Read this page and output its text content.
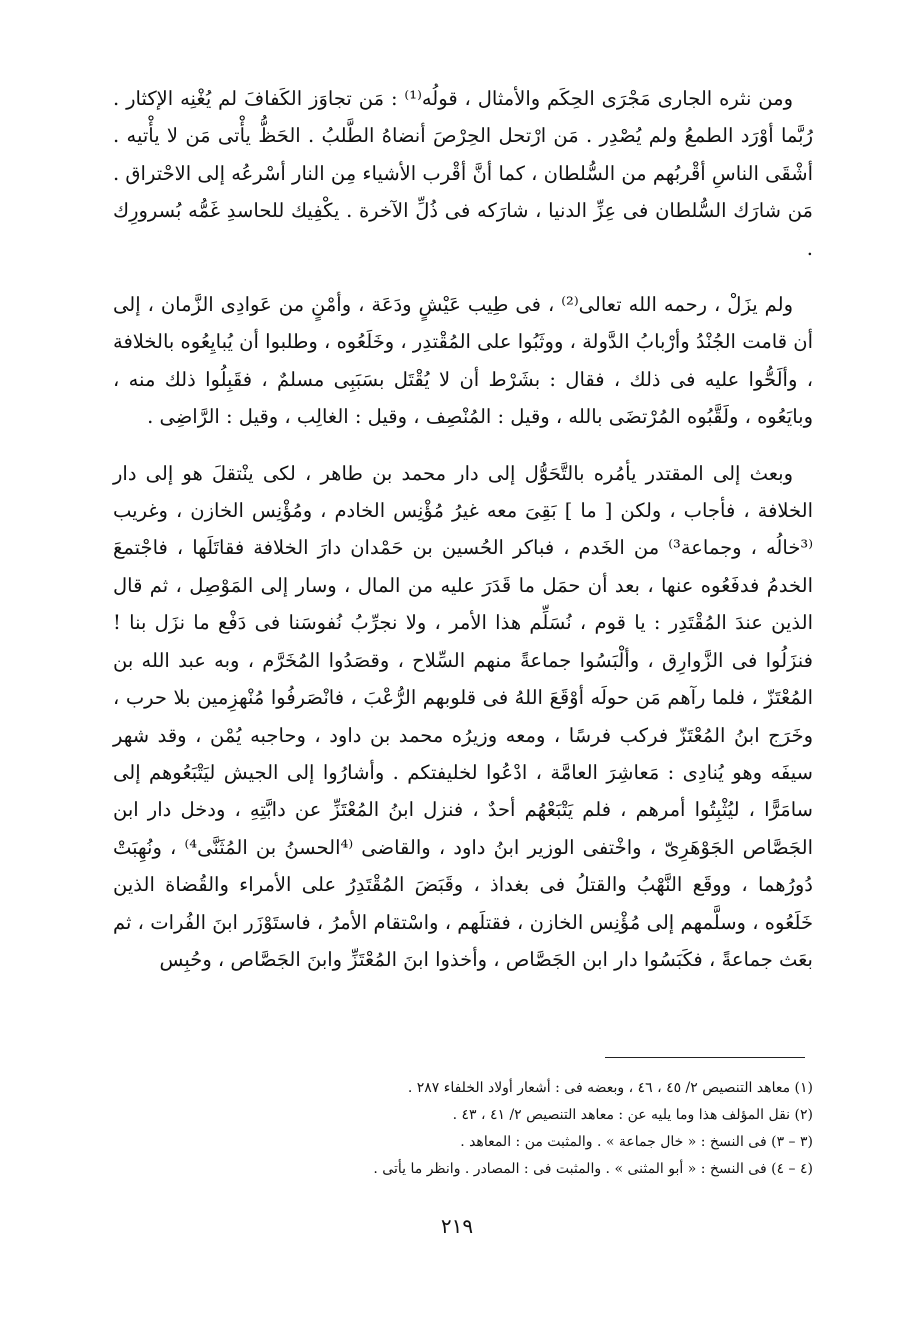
ومن نثره الجارى مَجْرَى الحِكَم والأمثال ، قولُه⁽¹⁾ : مَن تجاوَز الكَفافَ لم يُغْنِه الإكثار . رُبَّما أوْرَد الطمعُ ولم يُصْدِر . مَن ارْتحل الحِرْصَ أنضاهُ الطَّلبُ . الحَظُّ يأْتى مَن لا يأْتيه . أشْقَى الناسِ أقْربُهم من السُّلطان ، كما أنَّ أقْرب الأشياء مِن النار أسْرعُه إلى الاحْتراق . مَن شارَك السُّلطان فى عِزِّ الدنيا ، شارَكه فى ذُلِّ الآخرة . يكْفِيك للحاسدِ غَمُّه بُسرورِك .

ولم يزَلْ ، رحمه الله تعالى⁽²⁾ ، فى طِيب عَيْشٍ ودَعَة ، وأمْنٍ من عَوادِى الزَّمان ، إلى أن قامت الجُنْدُ وأرْبابُ الدَّولة ، ووثَبُوا على المُقْتدِر ، وخَلَعُوه ، وطلبوا أن يُبايِعُوه بالخلافة ، وألَحُّوا عليه فى ذلك ، فقال : بشَرْط أن لا يُقْتَل بسَبَبِى مسلمٌ ، فقَبِلُوا ذلك منه ، وبايَعُوه ، ولَقَّبُوه المُرْتضَى بالله ، وقيل : المُنْصِف ، وقيل : الغالِب ، وقيل : الرَّاضِى .

وبعث إلى المقتدر يأمُره بالتَّحَوُّل إلى دار محمد بن طاهر ، لكى ينْتقلَ هو إلى دار الخلافة ، فأجاب ، ولكن [ ما ] بَقِىَ معه غيرُ مُؤْنِس الخادم ، ومُؤْنِس الخازن ، وغريب ⁽³خالُه ، وجماعة³⁾ من الخَدم ، فباكر الحُسين بن حَمْدان دارَ الخلافة فقاتَلَها ، فاجْتمعَ الخدمُ فدفَعُوه عنها ، بعد أن حمَل ما قَدَرَ عليه من المال ، وسار إلى المَوْصِل ، ثم قال الذين عندَ المُقْتَدِر : يا قوم ، نُسَلِّم هذا الأمر ، ولا نجرِّبُ نُفوسَنا فى دَفْع ما نزَل بنا ! فنزَلُوا فى الزَّوارِق ، وألْبَسُوا جماعةً منهم السِّلاح ، وقصَدُوا المُخَرَّم ، وبه عبد الله بن المُعْتَزّ ، فلما رآهم مَن حولَه أوْقَعَ اللهُ فى قلوبهم الرُّعْبَ ، فانْصَرفُوا مُنْهزِمين بلا حرب ، وخَرَج ابنُ المُعْتَزّ فركب فرسًا ، ومعه وزيرُه محمد بن داود ، وحاجبه يُمْن ، وقد شهر سيفَه وهو يُنادِى : مَعاشِرَ العامَّة ، ادْعُوا لخليفتكم . وأشارُوا إلى الجيش ليَتْبَعُوهم إلى سامَرًّا ، ليُثْبِتُوا أمرهم ، فلم يَتْبَعْهُم أحدٌ ، فنزل ابنُ المُعْتَزِّ عن دابَّتِهِ ، ودخل دار ابن الجَصَّاص الجَوْهَرِىّ ، واخْتفى الوزير ابنُ داود ، والقاضى ⁽⁴الحسنُ بن المُثَنَّى⁴⁾ ، ونُهِبَتْ دُورُهما ، ووقَع النَّهْبُ والقتلُ فى بغداذ ، وقَبَضَ المُقْتَدِرُ على الأمراء والقُضاة الذين خَلَعُوه ، وسلَّمهم إلى مُؤْنِس الخازن ، فقتلَهم ، واسْتقام الأمرُ ، فاستَوْزَر ابنَ الفُرات ، ثم بعَث جماعةً ، فكَبَسُوا دار ابن الجَصَّاص ، وأخذوا ابنَ المُعْتَزِّ وابنَ الجَصَّاص ، وحُبِس

(١) معاهد التنصيص ٢/ ٤٥ ، ٤٦ ، وبعضه فى : أشعار أولاد الخلفاء ٢٨٧ .

(٢) نقل المؤلف هذا وما يليه عن : معاهد التنصيص ٢/ ٤١ ، ٤٣ .

(٣ – ٣) فى النسخ : « خال جماعة » . والمثبت من : المعاهد .

(٤ – ٤) فى النسخ : « أبو المثنى » . والمثبت فى : المصادر . وانظر ما يأتى .

٢١٩
